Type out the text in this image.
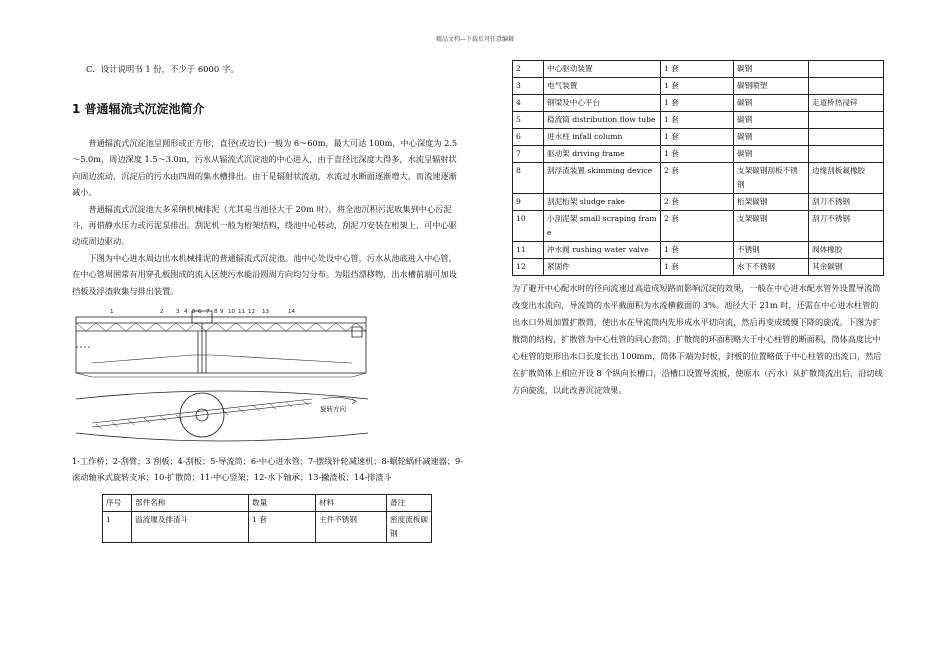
精品文档---下载后可任意编辑

C．设计说明书 1 份，不少于 6000 字。

1 普通辐流式沉淀池简介

普通辐流式沉淀池呈圆形或正方形，直径(或边长)一般为 6～60m，最大可达 100m，中心深度为 2.5～5.0m，周边深度 1.5～3.0m，污水从辐流式沉淀池的中心进入，由于直径比深度大得多，水流呈辐射状向周边流动，沉淀后的污水由四周的集水槽排出。由于是辐射状流动，水流过水断面逐渐增大，而流速逐渐减小。

普通辐流式沉淀池大多采纳机械排泥（尤其是当池径大于 20m 时），将全池沉积污泥收集到中心污泥斗，再借静水压力或污泥泵排出。刮泥机一般为桁架结构，绕池中心转动，刮泥刀安装在桁架上，可中心驱动或周边驱动。

下图为中心进水周边出水机械排泥的普通辐流式沉淀池。池中心处设中心管，污水从池底进入中心管，在中心管周围常有用穿孔板围成的流入区使污水能沿圆周方向均匀分布。为阻挡漂移物，出水槽前端可加设挡板及浮渣收集与排出装置。

旋转方向
1	2 3 4 5 6 7 8 9 10 11 12 13	14

1-工作桥；2-刮臂；3 刮板；4-刮板；5-导流筒；6-中心进水管；7-摆线针轮减速机；8-蜗轮蜗杆减速器；9-滚动轴承式旋转支承；10-扩散筒；11-中心竖架；12-水下轴承；13-撇渣板；14-排渣斗

序号	部件名称	数量	材料	备注
1	溢流堰及排渣斗	1 套	主件不锈钢	密度流板碳钢
2	中心驱动装置	1 套	碳钢	
3	电气装置	1 套	碳钢喷塑	
4	钢梁及中心平台	1 套	碳钢	走道桥热浸锌
5	稳流筒 distribution flow tube	1 套	碳钢	
6	进水柱 infall column	1 套	碳钢	
7	驱动架 driving frame	1 套	碳钢	
8	刮浮渣装置 skimming device	2 套	支架碳钢刮板不锈钢	边缘刮板氟橡胶
9	刮泥桁架 sludge rake	2 套	桁架碳钢	刮刀不锈钢
10	小刮泥架 small scraping frame	2 套	支架碳钢	刮刀不锈钢
11	冲水阀 rushing water valve	1 套	不锈钢	阀体橡胶
12	紧固件	1 套	水下不锈钢	其余碳钢

为了避开中心配水时的径向流速过高造成短路而影响沉淀的效果，一般在中心进水配水管外设置导流筒改变出水流向，导流筒的水平截面积为水流横截面的 3%。池径大于 21m 时，还需在中心进水柱管的出水口外周加置扩散筒，使出水在导流筒内先形成水平切向流，然后再变成缓慢下降的旋流。下图为扩散筒的结构，扩散管为中心柱管的同心套筒，扩散筒的环面积略大于中心柱管的断面积，筒体高度比中心柱管的矩形出水口长度长出 100mm，筒体下端为封板，封板的位置略低于中心柱管的出流口，然后在扩散筒体上相应开设 8 个纵向长槽口，沿槽口设置导流板，使原水（污水）从扩散筒流出后，沿切线方向旋流，以此改善沉淀效果。
